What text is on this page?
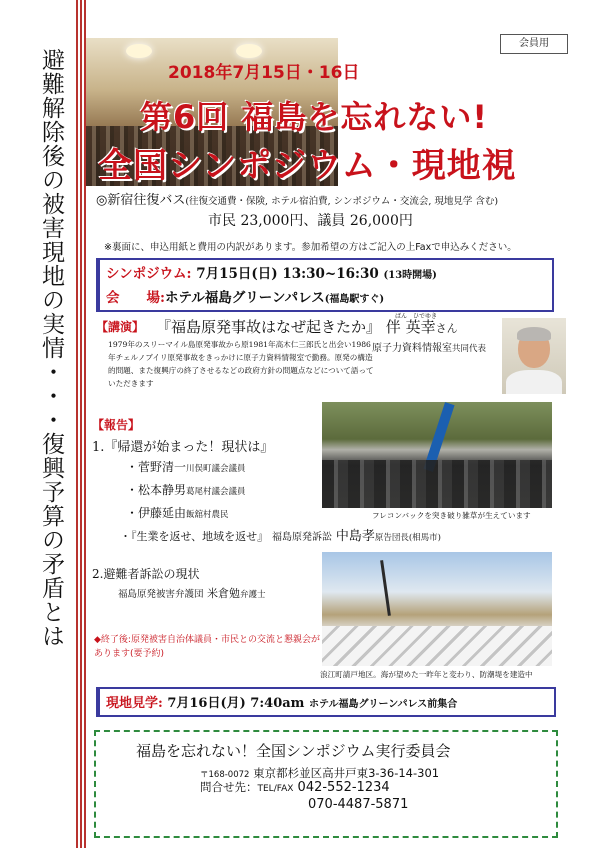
避難解除後の被害現地の実情・・・復興予算の矛盾とは
会員用
2018年7月15日・16日
第6回 福島を忘れない!
全国シンポジウム・現地視
◎新宿往復バス(往復交通費・保険, ホテル宿泊費, シンポジウム・交流会, 現地見学 含む)
市民 23,000円、議員 26,000円
※裏面に、申込用紙と費用の内訳があります。参加希望の方はご記入の上Faxで申込みください。
シンポジウム: 7月15日(日) 13:30~16:30 (13時開場)
会　　場:ホテル福島グリーンパレス(福島駅すぐ)
【講演】 『福島原発事故はなぜ起きたか』 伴 英幸さん
ばん　ひでゆき
原子力資料情報室共同代表
1979年のスリーマイル島原発事故から原1981年高木仁三郎氏と出会い1986年チェルノブイリ原発事故をきっかけに原子力資料情報室で勤務。原発の構造的問題、また復興庁の終了させるなどの政府方針の問題点などについて語っていただきます
【報告】
1.『帰還が始まった！現状は』
・菅野清一川俣町議会議員
・松本静男葛尾村議会議員
・伊藤延由飯舘村農民
・『生業を返せ、地域を返せ』 福島原発訴訟 中島孝原告団長(相馬市)
フレコンバックを突き破り雑草が生えています
2.避難者訴訟の現状
福島原発被害弁護団 米倉勉弁護士
浪江町請戸地区。海が望めた一昨年と変わり、防潮堤を建造中
◆終了後:原発被害自治体議員・市民との交流と懇親会があります(要予約)
現地見学: 7月16日(月) 7:40am ホテル福島グリーンパレス前集合
福島を忘れない！全国シンポジウム実行委員会
〒168-0072 東京都杉並区高井戸東3-36-14-301
問合せ先：TEL/FAX 042-552-1234
070-4487-5871
